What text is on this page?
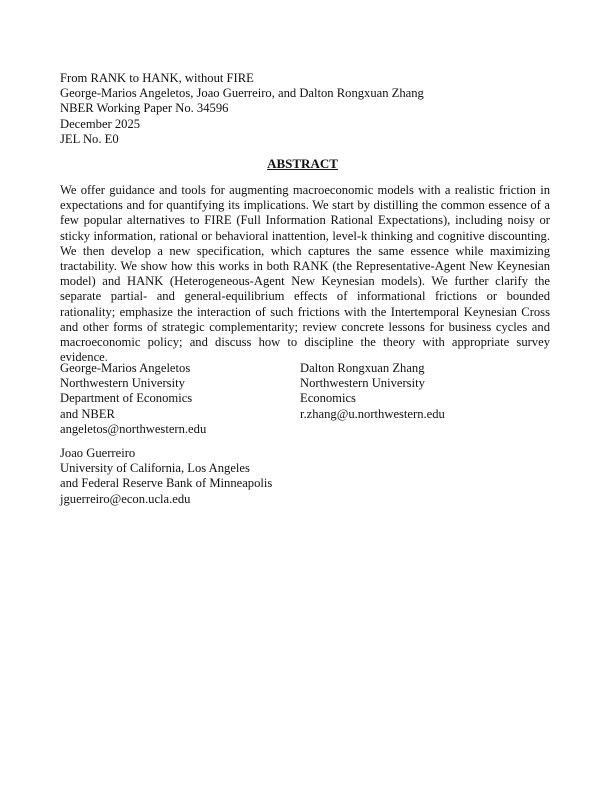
From RANK to HANK, without FIRE
George-Marios Angeletos, Joao Guerreiro, and Dalton Rongxuan Zhang
NBER Working Paper No. 34596
December 2025
JEL No. E0
ABSTRACT

We offer guidance and tools for augmenting macroeconomic models with a realistic friction in expectations and for quantifying its implications. We start by distilling the common essence of a few popular alternatives to FIRE (Full Information Rational Expectations), including noisy or sticky information, rational or behavioral inattention, level-k thinking and cognitive discounting. We then develop a new specification, which captures the same essence while maximizing tractability. We show how this works in both RANK (the Representative-Agent New Keynesian model) and HANK (Heterogeneous-Agent New Keynesian models). We further clarify the separate partial- and general-equilibrium effects of informational frictions or bounded rationality; emphasize the interaction of such frictions with the Intertemporal Keynesian Cross and other forms of strategic complementarity; review concrete lessons for business cycles and macroeconomic policy; and discuss how to discipline the theory with appropriate survey evidence.

George-Marios Angeletos
Northwestern University
Department of Economics
and NBER
angeletos@northwestern.edu
Dalton Rongxuan Zhang
Northwestern University
Economics
r.zhang@u.northwestern.edu
Joao Guerreiro
University of California, Los Angeles
and Federal Reserve Bank of Minneapolis
jguerreiro@econ.ucla.edu
